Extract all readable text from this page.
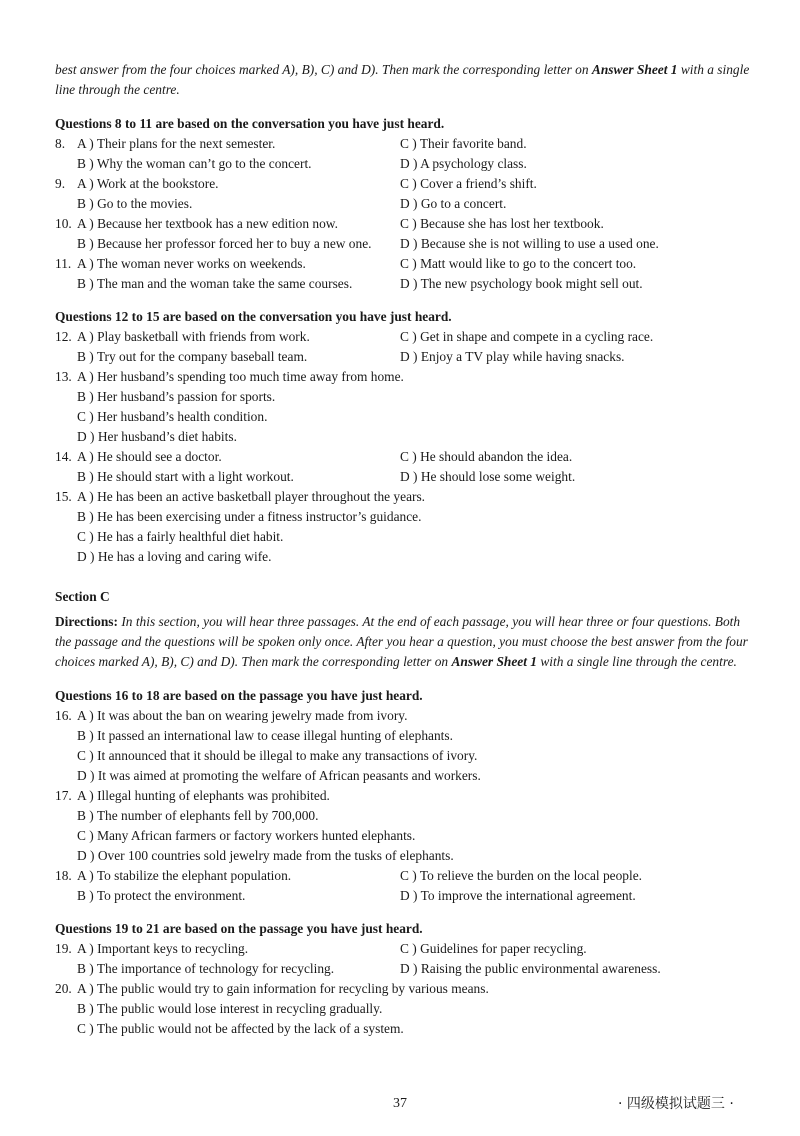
best answer from the four choices marked A), B), C) and D). Then mark the corresponding letter on Answer Sheet 1 with a single line through the centre.

Questions 8 to 11 are based on the conversation you have just heard.

8. A ) Their plans for the next semester.	C ) Their favorite band.
B ) Why the woman can’t go to the concert.	D ) A psychology class.
9. A ) Work at the bookstore.	C ) Cover a friend’s shift.
B ) Go to the movies.	D ) Go to a concert.
10. A ) Because her textbook has a new edition now.	C ) Because she has lost her textbook.
B ) Because her professor forced her to buy a new one. D ) Because she is not willing to use a used one.
11. A ) The woman never works on weekends.	C ) Matt would like to go to the concert too.
B ) The man and the woman take the same courses.	D ) The new psychology book might sell out.

Questions 12 to 15 are based on the conversation you have just heard.

12. A ) Play basketball with friends from work.	C ) Get in shape and compete in a cycling race.
B ) Try out for the company baseball team.	D ) Enjoy a TV play while having snacks.
13. A ) Her husband’s spending too much time away from home.
B ) Her husband’s passion for sports.
C ) Her husband’s health condition.
D ) Her husband’s diet habits.
14. A ) He should see a doctor.	C ) He should abandon the idea.
B ) He should start with a light workout.	D ) He should lose some weight.
15. A ) He has been an active basketball player throughout the years.
B ) He has been exercising under a fitness instructor’s guidance.
C ) He has a fairly healthful diet habit.
D ) He has a loving and caring wife.

Section C

Directions: In this section, you will hear three passages. At the end of each passage, you will hear three or four questions. Both the passage and the questions will be spoken only once. After you hear a question, you must choose the best answer from the four choices marked A), B), C) and D). Then mark the corresponding letter on Answer Sheet 1 with a single line through the centre.

Questions 16 to 18 are based on the passage you have just heard.

16. A ) It was about the ban on wearing jewelry made from ivory.
B ) It passed an international law to cease illegal hunting of elephants.
C ) It announced that it should be illegal to make any transactions of ivory.
D ) It was aimed at promoting the welfare of African peasants and workers.
17. A ) Illegal hunting of elephants was prohibited.
B ) The number of elephants fell by 700,000.
C ) Many African farmers or factory workers hunted elephants.
D ) Over 100 countries sold jewelry made from the tusks of elephants.
18. A ) To stabilize the elephant population.	C ) To relieve the burden on the local people.
B ) To protect the environment.	D ) To improve the international agreement.

Questions 19 to 21 are based on the passage you have just heard.

19. A ) Important keys to recycling.	C ) Guidelines for paper recycling.
B ) The importance of technology for recycling.	D ) Raising the public environmental awareness.
20. A ) The public would try to gain information for recycling by various means.
B ) The public would lose interest in recycling gradually.
C ) The public would not be affected by the lack of a system.
37	· 四级模拟试题三 ·
